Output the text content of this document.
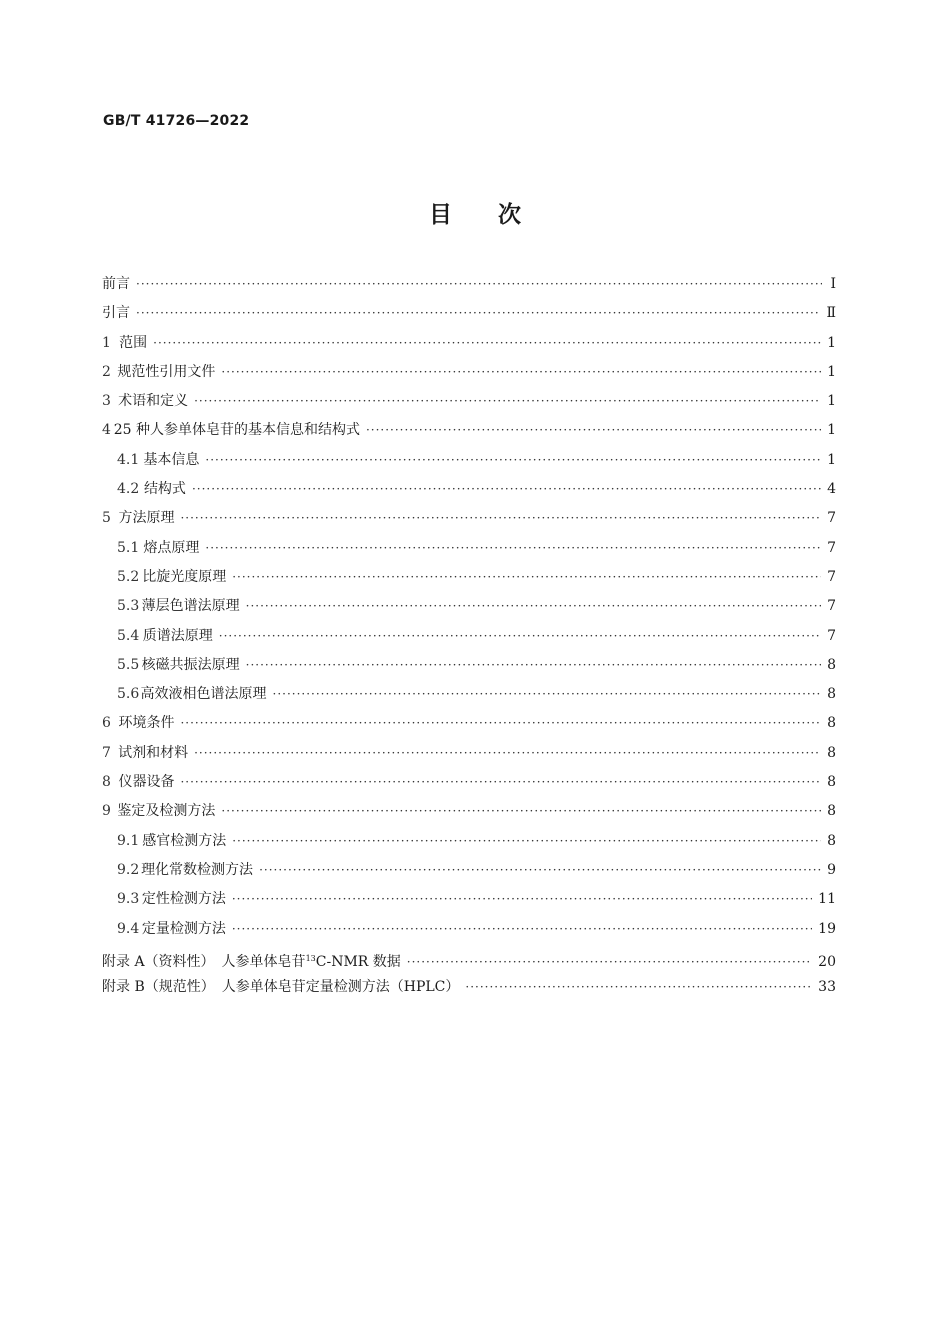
GB/T 41726—2022
目次
前言 ·····	Ⅰ
引言 ·····	Ⅱ
1 范围 ·····	1
2 规范性引用文件 ·····	1
3 术语和定义 ·····	1
4 25 种人参单体皂苷的基本信息和结构式 ·····	1
4.1 基本信息 ·····	1
4.2 结构式 ·····	4
5 方法原理 ·····	7
5.1 熔点原理 ·····	7
5.2 比旋光度原理 ·····	7
5.3 薄层色谱法原理 ·····	7
5.4 质谱法原理 ·····	7
5.5 核磁共振法原理 ·····	8
5.6 高效液相色谱法原理 ·····	8
6 环境条件 ·····	8
7 试剂和材料 ·····	8
8 仪器设备 ·····	8
9 鉴定及检测方法 ·····	8
9.1 感官检测方法 ·····	8
9.2 理化常数检测方法 ·····	9
9.3 定性检测方法 ·····	11
9.4 定量检测方法 ·····	19
附录 A（资料性）　人参单体皂苷$^{13}$C-NMR 数据 ·····	20
附录 B（规范性）　人参单体皂苷定量检测方法（HPLC） ·····	33
